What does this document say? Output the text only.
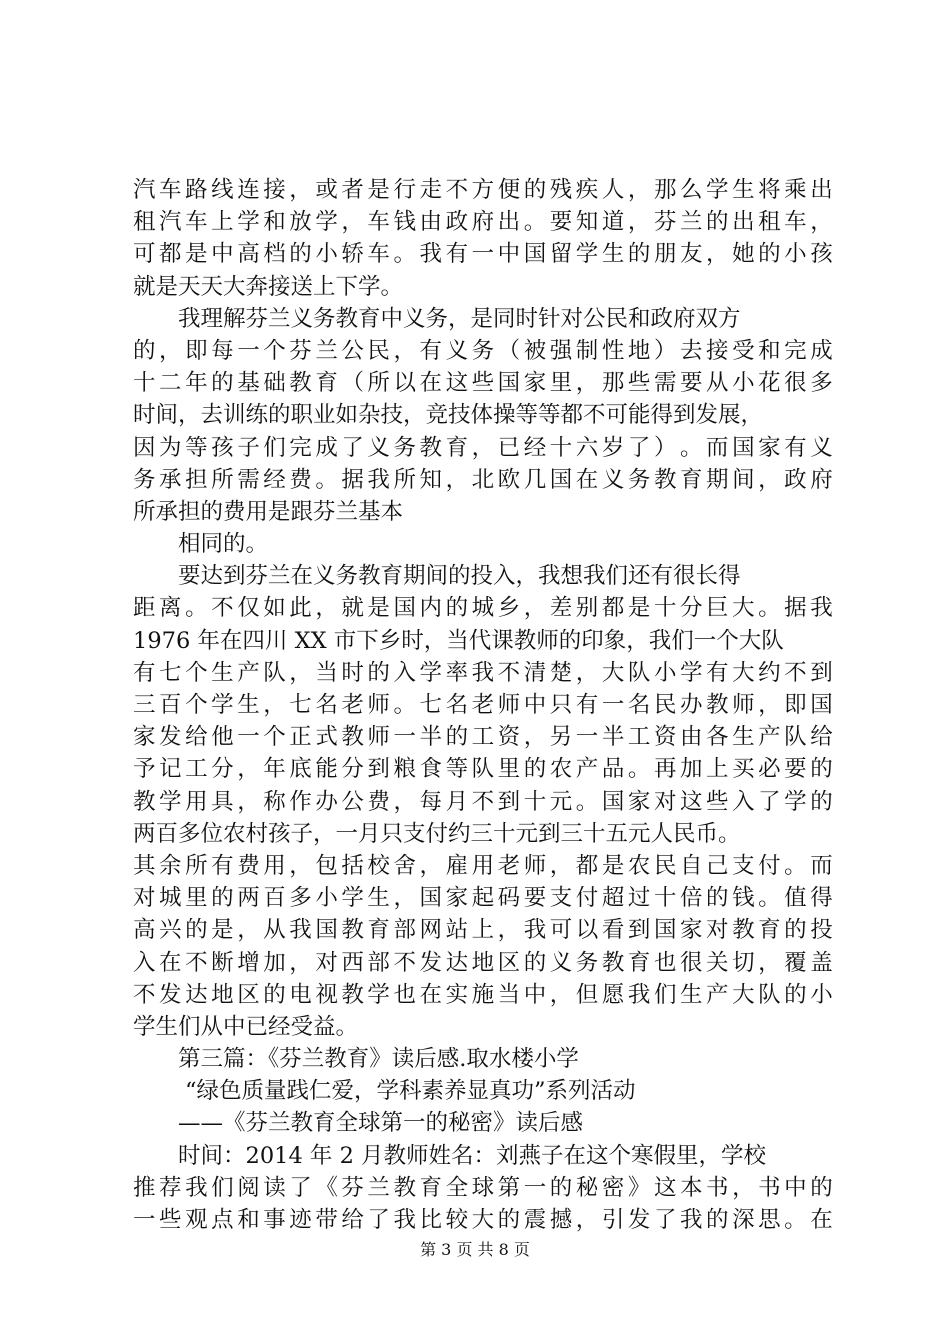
汽 车 路 线 连 接 ， 或 者 是 行 走 不 方 便 的 残 疾 人 ， 那 么 学 生 将 乘 出
租 汽 车 上 学 和 放 学 ， 车 钱 由 政 府 出 。 要 知 道 ， 芬 兰 的 出 租 车 ，
可 都 是 中 高 档 的 小 轿 车 。 我 有 一 中 国 留 学 生 的 朋 友 ， 她 的 小 孩
就是天天大奔接送上下学。
我理解芬兰义务教育中义务，是同时针对公民和政府双方
的 ， 即 每 一 个 芬 兰 公 民 ， 有 义 务 （ 被 强 制 性 地 ） 去 接 受 和 完 成
十 二 年 的 基 础 教 育 （ 所 以 在 这 些 国 家 里 ， 那 些 需 要 从 小 花 很 多
时间，去训练的职业如杂技，竞技体操等等都不可能得到发展，
因 为 等 孩 子 们 完 成 了 义 务 教 育 ， 已 经 十 六 岁 了 ） 。 而 国 家 有 义
务 承 担 所 需 经 费 。 据 我 所 知 ， 北 欧 几 国 在 义 务 教 育 期 间 ， 政 府
所承担的费用是跟芬兰基本
相同的。
要达到芬兰在义务教育期间的投入，我想我们还有很长得
距 离 。 不 仅 如 此 ， 就 是 国 内 的 城 乡 ， 差 别 都 是 十 分 巨 大 。 据 我
1976 年在四川 XX 市下乡时，当代课教师的印象，我们一个大队
有 七 个 生 产 队 ， 当 时 的 入 学 率 我 不 清 楚 ， 大 队 小 学 有 大 约 不 到
三 百 个 学 生 ， 七 名 老 师 。 七 名 老 师 中 只 有 一 名 民 办 教 师 ， 即 国
家 发 给 他 一 个 正 式 教 师 一 半 的 工 资 ， 另 一 半 工 资 由 各 生 产 队 给
予 记 工 分 ， 年 底 能 分 到 粮 食 等 队 里 的 农 产 品 。 再 加 上 买 必 要 的
教 学 用 具 ， 称 作 办 公 费 ， 每 月 不 到 十 元 。 国 家 对 这 些 入 了 学 的
两百多位农村孩子，一月只支付约三十元到三十五元人民币。
其 余 所 有 费 用 ， 包 括 校 舍 ， 雇 用 老 师 ， 都 是 农 民 自 己 支 付 。 而
对 城 里 的 两 百 多 小 学 生 ， 国 家 起 码 要 支 付 超 过 十 倍 的 钱 。 值 得
高 兴 的 是 ， 从 我 国 教 育 部 网 站 上 ， 我 可 以 看 到 国 家 对 教 育 的 投
入 在 不 断 增 加 ， 对 西 部 不 发 达 地 区 的 义 务 教 育 也 很 关 切 ， 覆 盖
不 发 达 地 区 的 电 视 教 学 也 在 实 施 当 中 ， 但 愿 我 们 生 产 大 队 的 小
学生们从中已经受益。
第三篇：《芬兰教育》读后感.取水楼小学
“绿色质量践仁爱，学科素养显真功”系列活动
——《芬兰教育全球第一的秘密》读后感
时间：2014 年 2 月教师姓名：刘燕子在这个寒假里，学校
推 荐 我 们 阅 读 了 《 芬 兰 教 育 全 球 第 一 的 秘 密 》 这 本 书 ， 书 中 的
一 些 观 点 和 事 迹 带 给 了 我 比 较 大 的 震 撼 ， 引 发 了 我 的 深 思 。 在
第 3 页 共 8 页
